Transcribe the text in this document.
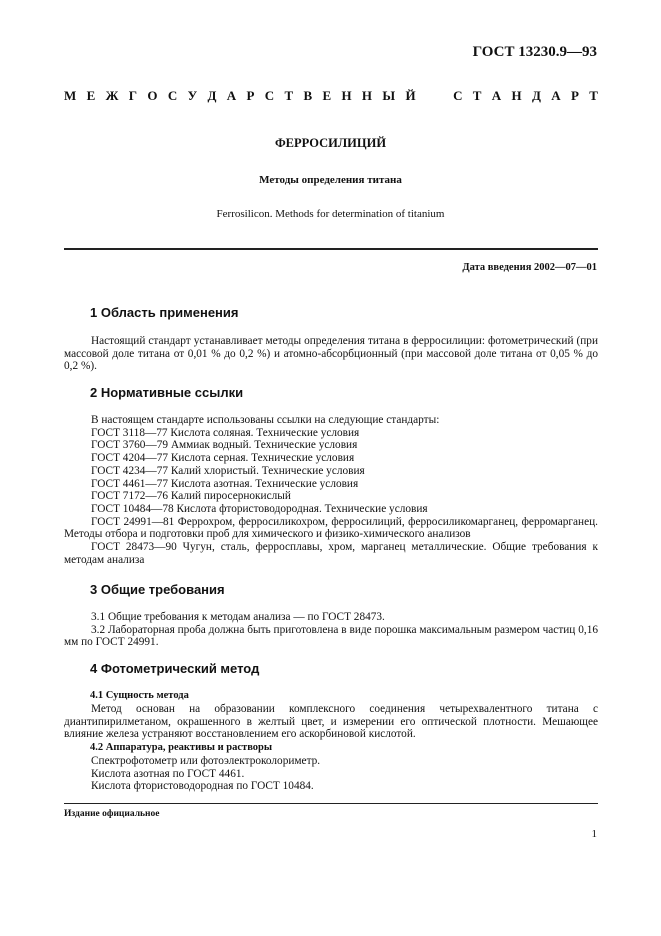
ГОСТ 13230.9—93
М Е Ж Г О С У Д А Р С Т В Е Н Н Ы Й

	С Т А Н Д А Р Т
ФЕРРОСИЛИЦИЙ
Методы определения титана
Ferrosilicon. Methods for determination of titanium
Дата введения 2002—07—01
1 Область применения

Настоящий стандарт устанавливает методы определения титана в ферросилиции: фотометрический (при массовой доле титана от 0,01 % до 0,2 %) и атомно-абсорбционный (при массовой доле титана от 0,05 % до 0,2 %).

2 Нормативные ссылки

В настоящем стандарте использованы ссылки на следующие стандарты:

ГОСТ 3118—77 Кислота соляная. Технические условия

ГОСТ 3760—79 Аммиак водный. Технические условия

ГОСТ 4204—77 Кислота серная. Технические условия

ГОСТ 4234—77 Калий хлористый. Технические условия

ГОСТ 4461—77 Кислота азотная. Технические условия

ГОСТ 7172—76 Калий пиросернокислый

ГОСТ 10484—78 Кислота фтористоводородная. Технические условия

ГОСТ 24991—81 Феррохром, ферросиликохром, ферросилиций, ферросиликомарганец, ферромарганец. Методы отбора и подготовки проб для химического и физико-химического анализов

ГОСТ 28473—90 Чугун, сталь, ферросплавы, хром, марганец металлические. Общие требования к методам анализа

3 Общие требования

3.1 Общие требования к методам анализа — по ГОСТ 28473.

3.2 Лабораторная проба должна быть приготовлена в виде порошка максимальным размером частиц 0,16 мм по ГОСТ 24991.

4 Фотометрический метод
4.1 Сущность метода

Метод основан на образовании комплексного соединения четырехвалентного титана с диантипирилметаном, окрашенного в желтый цвет, и измерении его оптической плотности. Мешающее влияние железа устраняют восстановлением его аскорбиновой кислотой.

4.2 Аппаратура, реактивы и растворы

Спектрофотометр или фотоэлектроколориметр.

Кислота азотная по ГОСТ 4461.

Кислота фтористоводородная по ГОСТ 10484.

Издание официальное
1
